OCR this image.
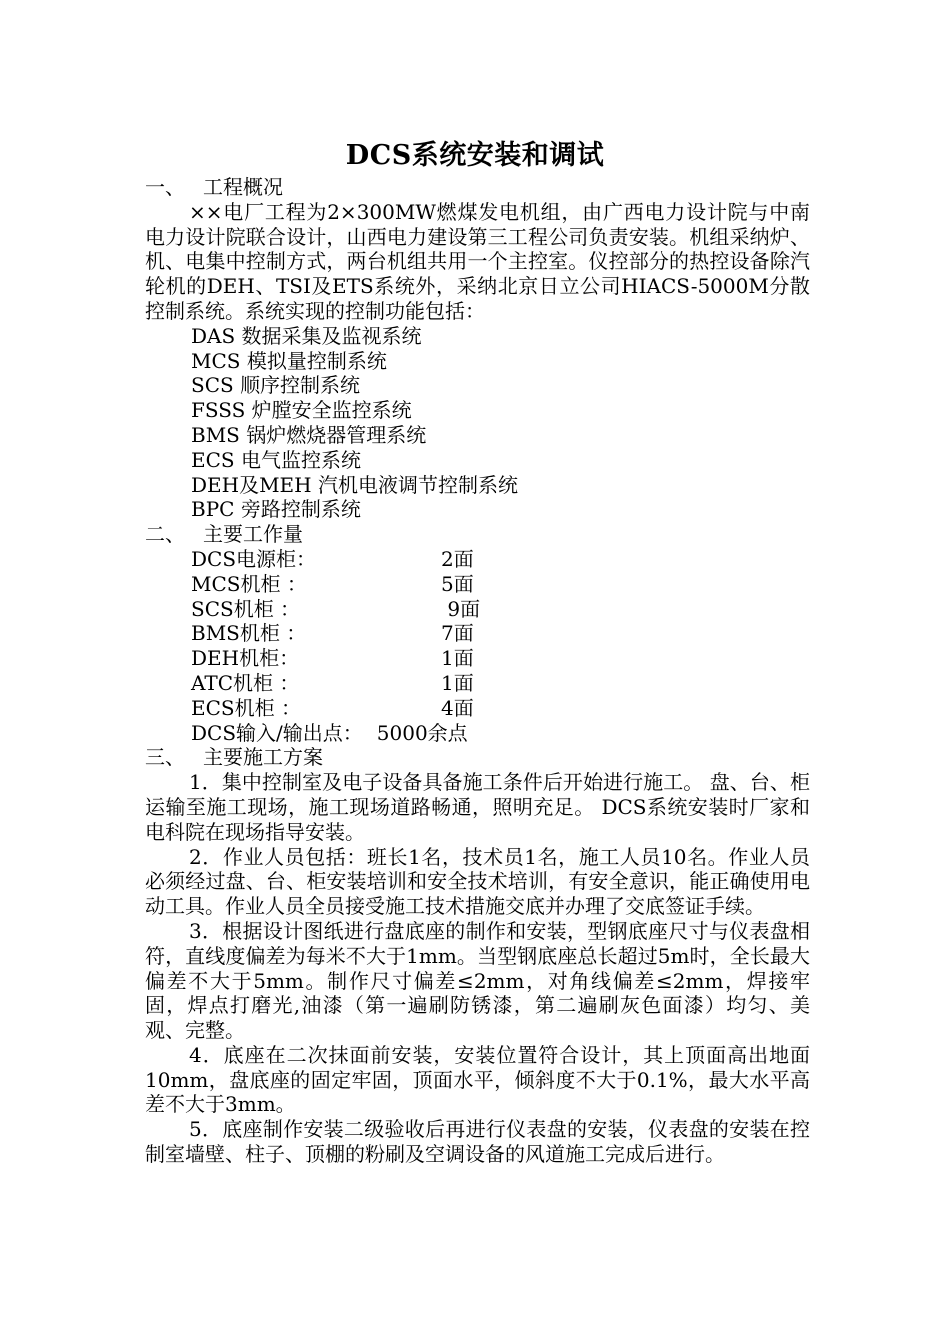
DCS系统安装和调试
一、 工程概况
××电厂工程为2×300MW燃煤发电机组，由广西电力设计院与中南电力设计院联合设计，山西电力建设第三工程公司负责安装。机组采纳炉、机、电集中控制方式，两台机组共用一个主控室。仪控部分的热控设备除汽轮机的DEH、TSI及ETS系统外，采纳北京日立公司HIACS-5000M分散控制系统。系统实现的控制功能包括：
DAS 数据采集及监视系统
MCS 模拟量控制系统
SCS 顺序控制系统
FSSS 炉膛安全监控系统
BMS 锅炉燃烧器管理系统
ECS 电气监控系统
DEH及MEH 汽机电液调节控制系统
BPC 旁路控制系统
二、 主要工作量
DCS电源柜：	2面
MCS机柜 ：	5面
SCS机柜 ：	9面
BMS机柜 ：	7面
DEH机柜：	1面
ATC机柜 ：	1面
ECS机柜 ：	4面
DCS输入/输出点： 5000余点
三、 主要施工方案
1．集中控制室及电子设备具备施工条件后开始进行施工。 盘、台、柜运输至施工现场，施工现场道路畅通，照明充足。 DCS系统安装时厂家和电科院在现场指导安装。
2．作业人员包括：班长1名，技术员1名，施工人员10名。作业人员必须经过盘、台、柜安装培训和安全技术培训，有安全意识，能正确使用电动工具。作业人员全员接受施工技术措施交底并办理了交底签证手续。
3．根据设计图纸进行盘底座的制作和安装，型钢底座尺寸与仪表盘相符，直线度偏差为每米不大于1mm。当型钢底座总长超过5m时，全长最大偏差不大于5mm。制作尺寸偏差≤2mm，对角线偏差≤2mm，焊接牢固，焊点打磨光,油漆（第一遍刷防锈漆，第二遍刷灰色面漆）均匀、美观、完整。
4．底座在二次抹面前安装，安装位置符合设计，其上顶面高出地面10mm，盘底座的固定牢固，顶面水平，倾斜度不大于0.1%，最大水平高差不大于3mm。
5．底座制作安装二级验收后再进行仪表盘的安装，仪表盘的安装在控制室墙壁、柱子、顶棚的粉刷及空调设备的风道施工完成后进行。
